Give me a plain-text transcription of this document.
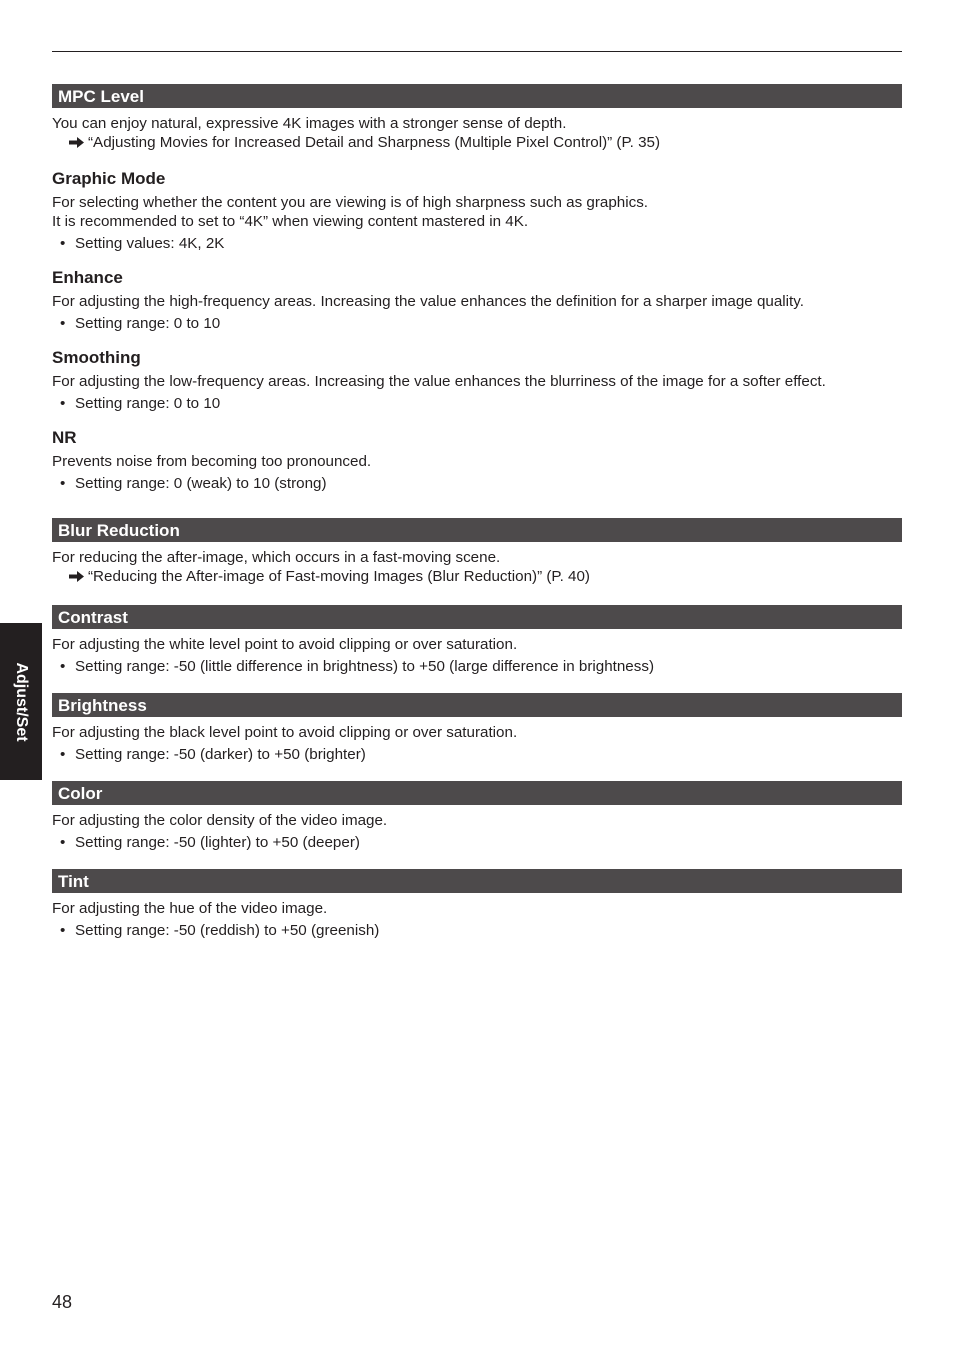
MPC Level

You can enjoy natural, expressive 4K images with a stronger sense of depth.

“Adjusting Movies for Increased Detail and Sharpness (Multiple Pixel Control)” (P. 35)

Graphic Mode

For selecting whether the content you are viewing is of high sharpness such as graphics.

It is recommended to set to “4K” when viewing content mastered in 4K.

• Setting values: 4K, 2K

Enhance

For adjusting the high-frequency areas. Increasing the value enhances the definition for a sharper image quality.

• Setting range: 0 to 10

Smoothing

For adjusting the low-frequency areas. Increasing the value enhances the blurriness of the image for a softer effect.

• Setting range: 0 to 10

NR

Prevents noise from becoming too pronounced.

• Setting range: 0 (weak) to 10 (strong)
Blur Reduction

For reducing the after-image, which occurs in a fast-moving scene.

“Reducing the After-image of Fast-moving Images (Blur Reduction)” (P. 40)
Contrast

For adjusting the white level point to avoid clipping or over saturation.

• Setting range: -50 (little difference in brightness) to +50 (large difference in brightness)
Brightness

For adjusting the black level point to avoid clipping or over saturation.

• Setting range: -50 (darker) to +50 (brighter)
Color

For adjusting the color density of the video image.

• Setting range: -50 (lighter) to +50 (deeper)
Tint

For adjusting the hue of the video image.

• Setting range: -50 (reddish) to +50 (greenish)
Adjust/Set
48
